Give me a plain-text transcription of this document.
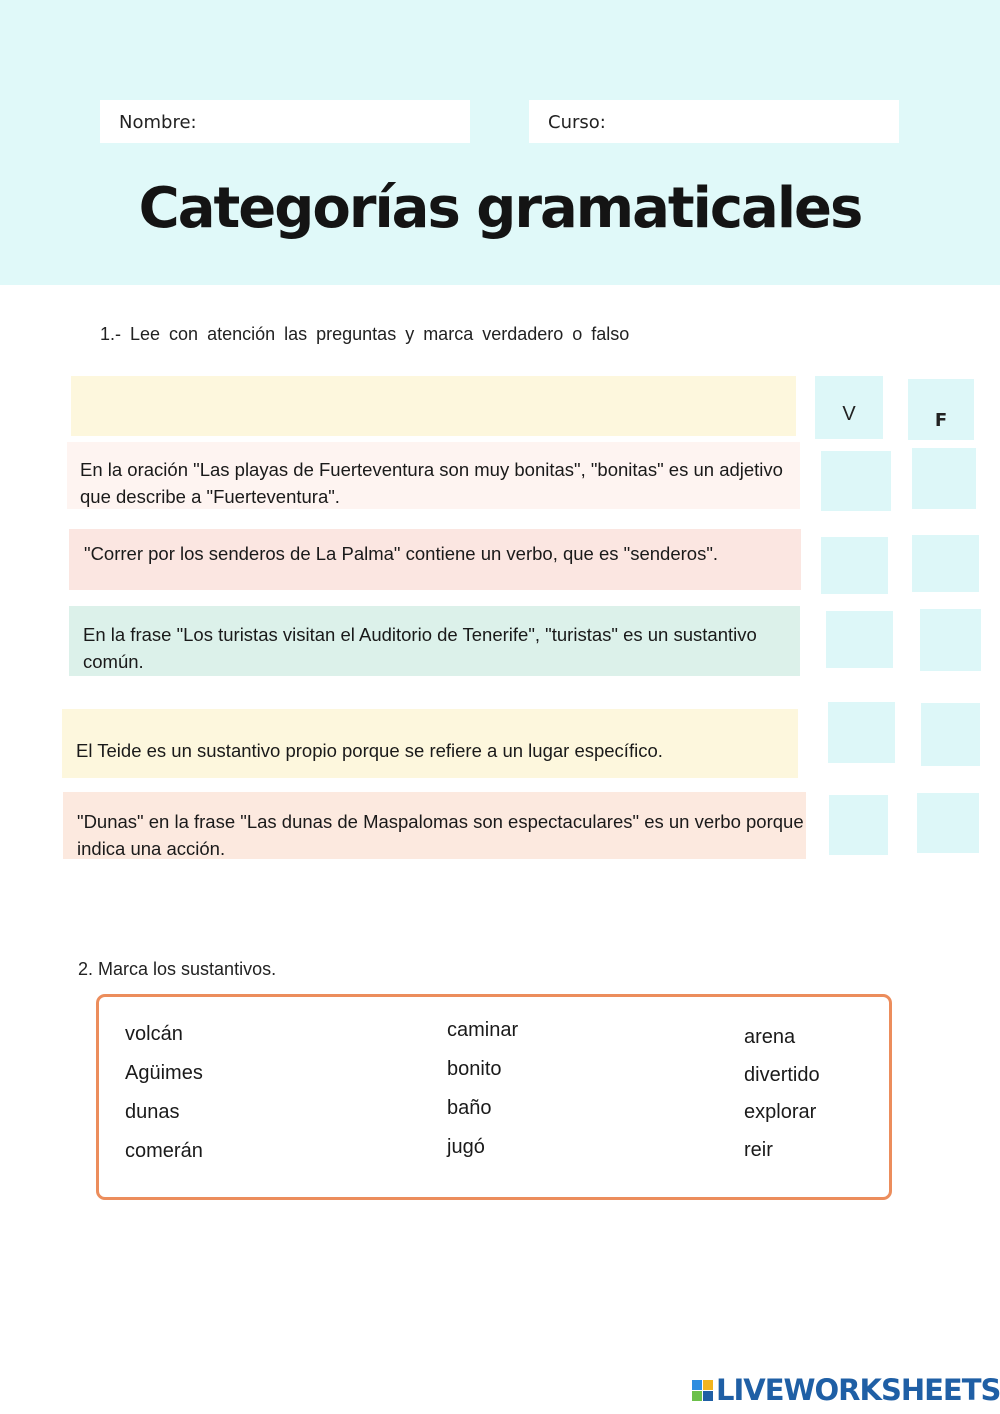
Nombre:	Curso:
Categorías gramaticales
1.- Lee con atención las preguntas y marca verdadero o falso
V	F
En la oración "Las playas de Fuerteventura son muy bonitas", "bonitas" es un adjetivo que describe a "Fuerteventura".
"Correr por los senderos de La Palma" contiene un verbo, que es "senderos".
En la frase "Los turistas visitan el Auditorio de Tenerife", "turistas" es un sustantivo común.
El Teide es un sustantivo propio porque se refiere a un lugar específico.
"Dunas" en la frase "Las dunas de Maspalomas son espectaculares" es un verbo porque indica una acción.
2. Marca los sustantivos.
volcán
Agüimes
dunas
comerán
caminar
bonito
baño
jugó
arena
divertido
explorar
reir
LIVEWORKSHEETS
